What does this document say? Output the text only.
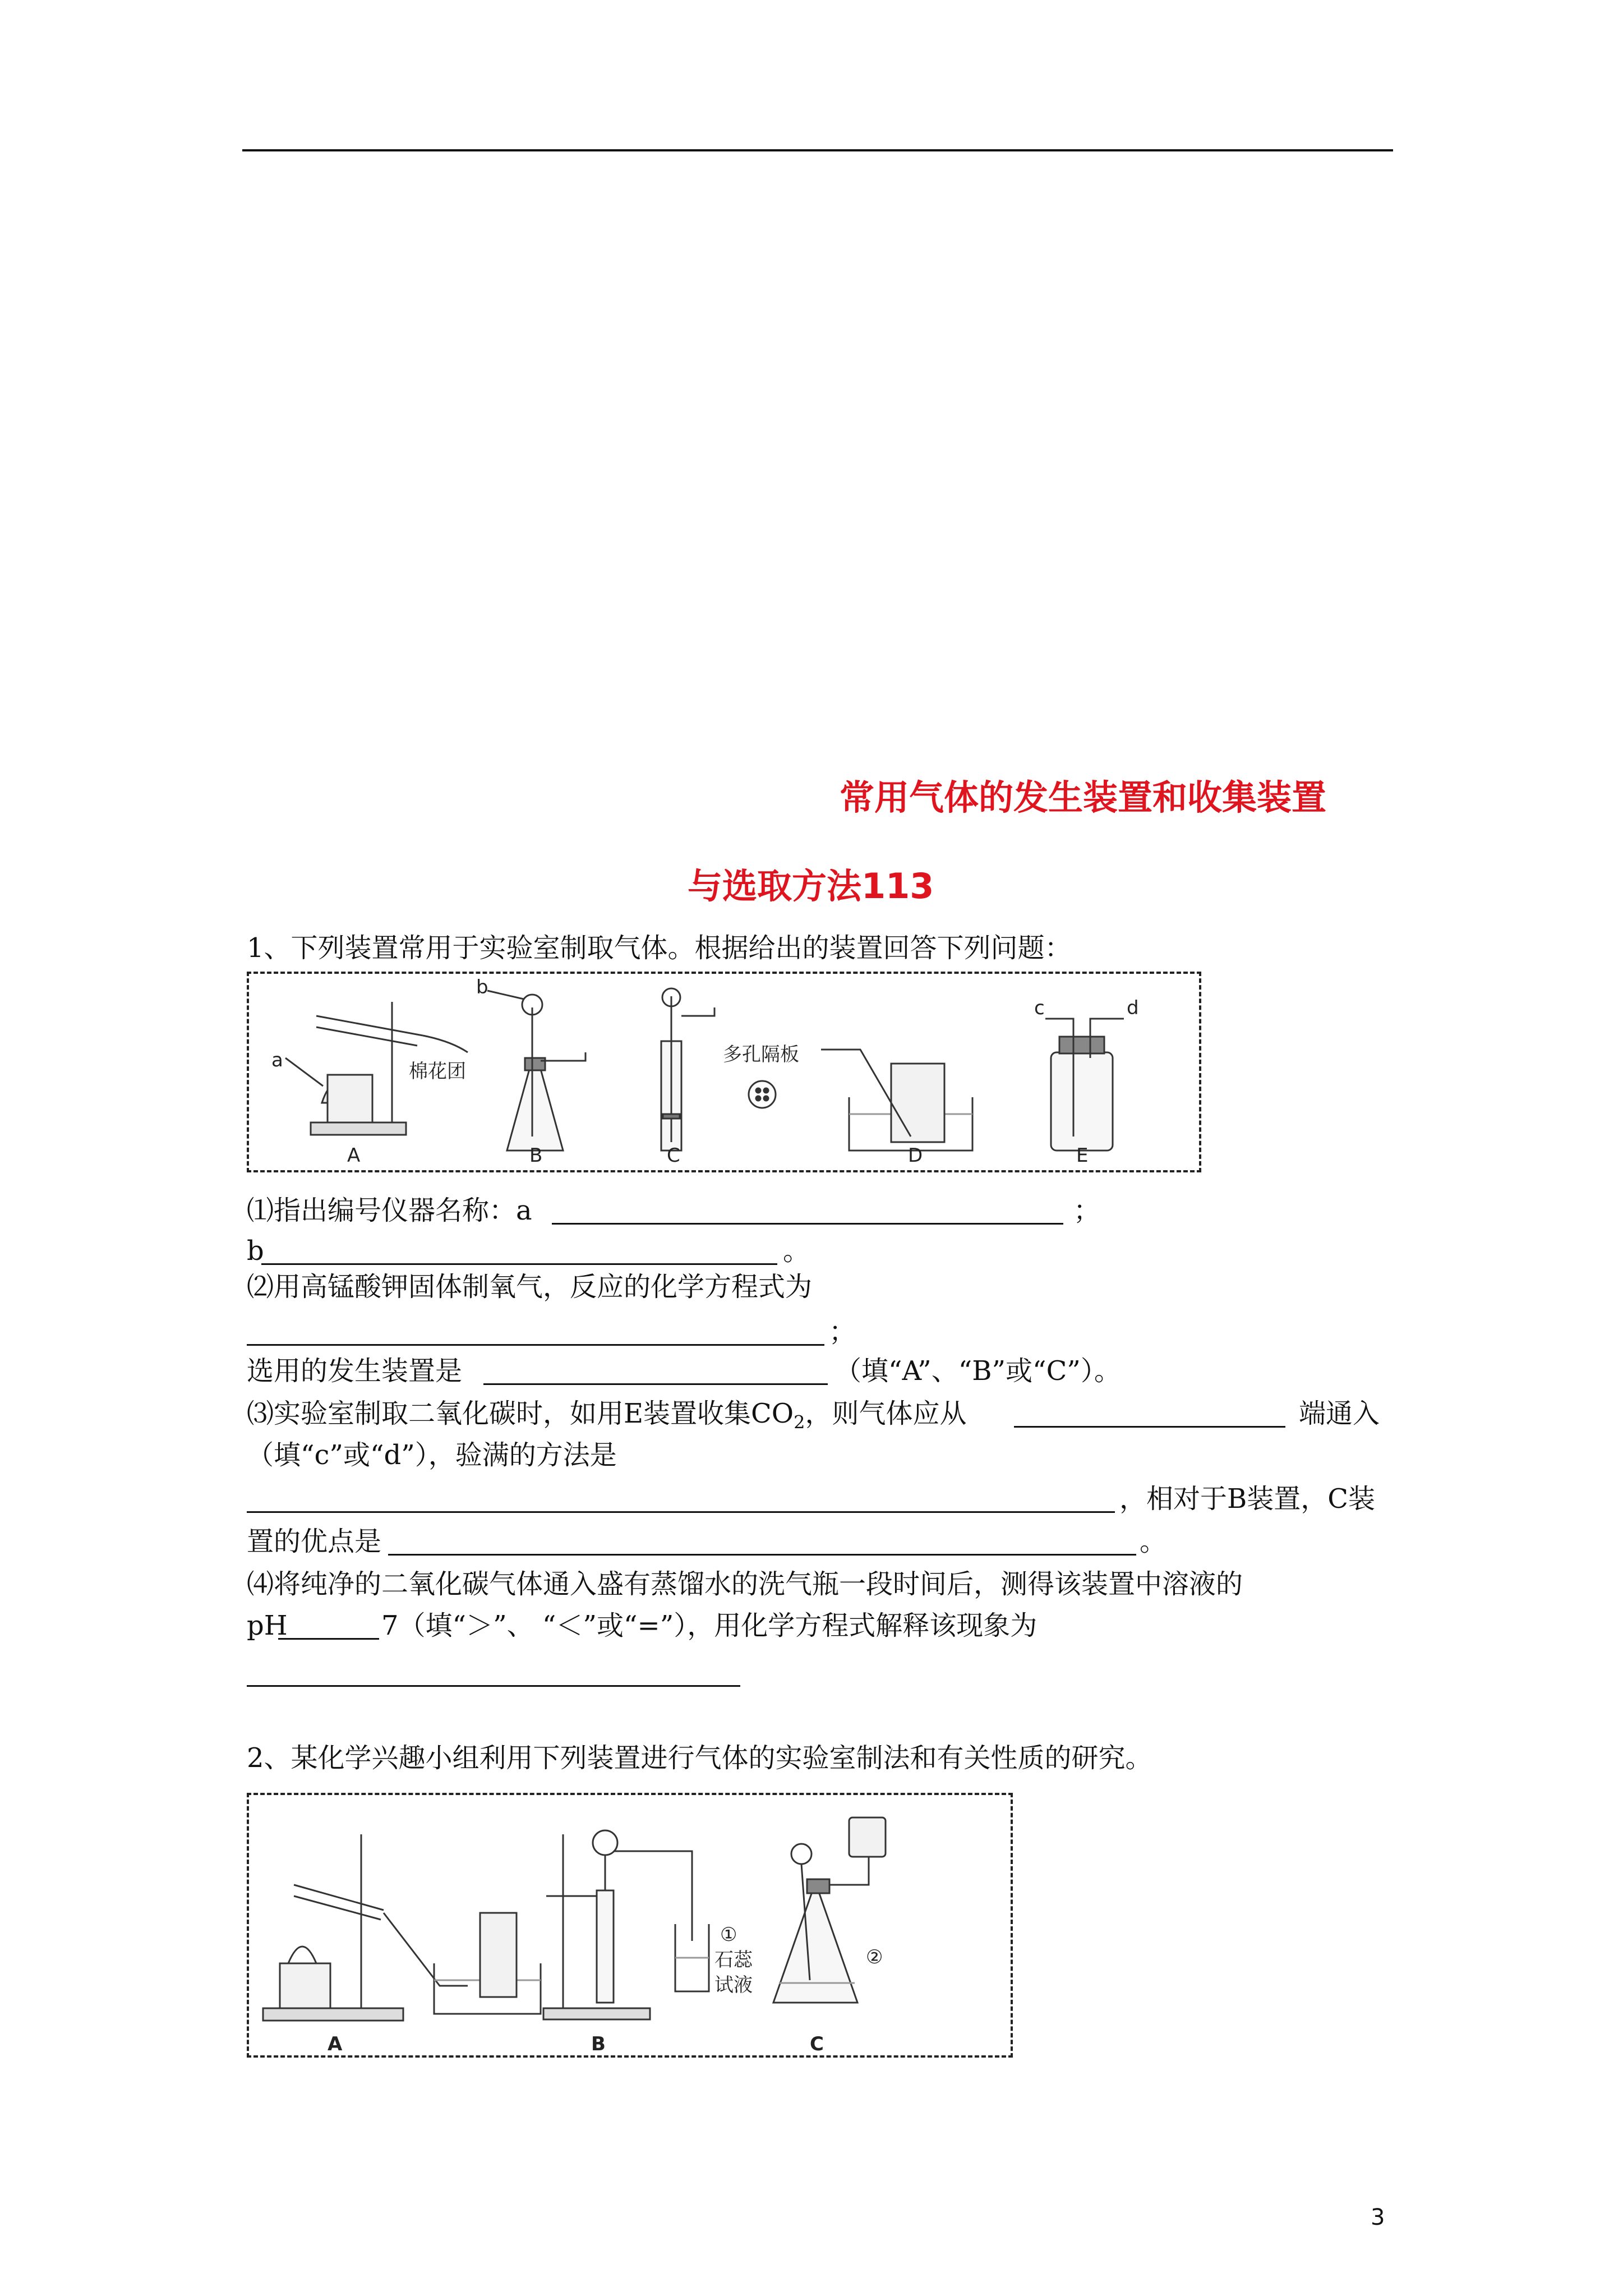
常用气体的发生装置和收集装置
与选取方法113
1、下列装置常用于实验室制取气体。根据给出的装置回答下列问题：
a
b
c	d
棉花团
多孔隔板
A	B	C	D	E
⑴指出编号仪器名称：a	；
b	。
⑵用高锰酸钾固体制氧气，反应的化学方程式为
；
选用的发生装置是	（填“A”、“B”或“C”）。
⑶实验室制取二氧化碳时，如用E装置收集$CO_2$，则气体应从	端通入
（填“c”或“d”），验满的方法是
，相对于B装置，C装
置的优点是	。
⑷将纯净的二氧化碳气体通入盛有蒸馏水的洗气瓶一段时间后，测得该装置中溶液的
pH	7（填“＞”、 “＜”或“=”），用化学方程式解释该现象为
2、某化学兴趣小组利用下列装置进行气体的实验室制法和有关性质的研究。
A	B	C
①
石蕊
试液
②
3
